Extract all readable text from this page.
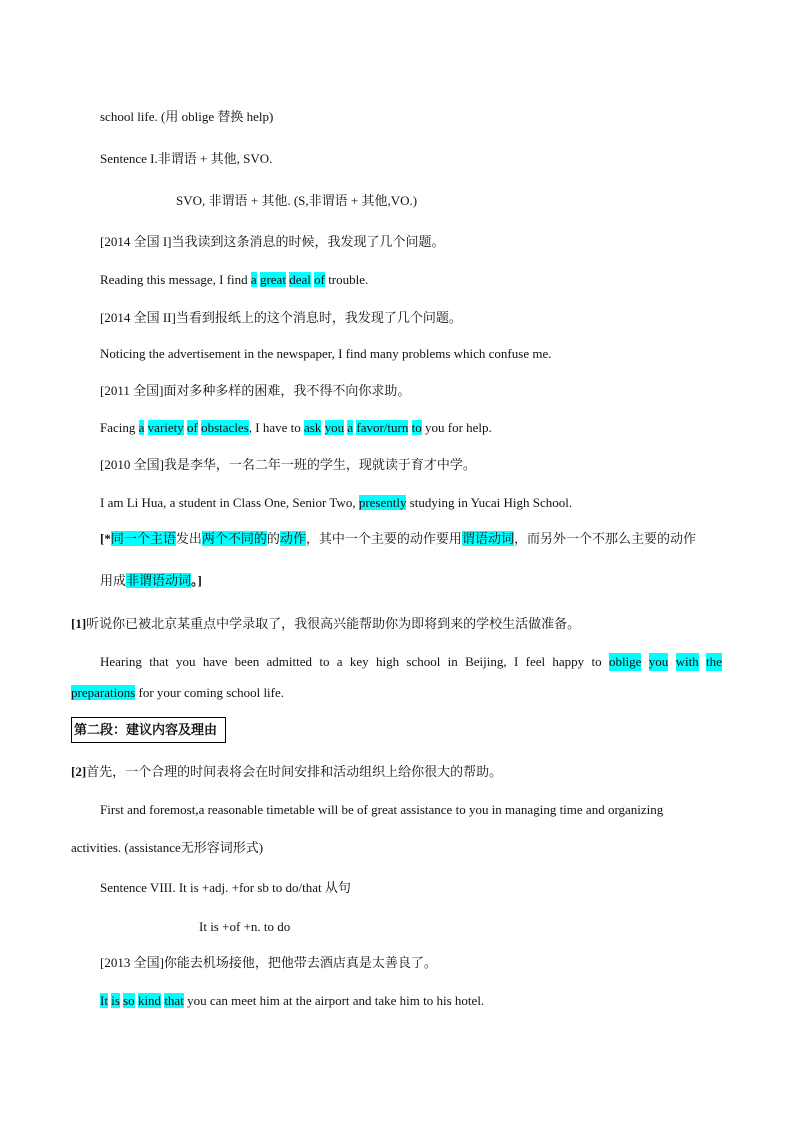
school life. (用 oblige 替换 help)
Sentence I.非谓语 + 其他, SVO.
SVO, 非谓语 + 其他. (S,非谓语 + 其他,VO.)
[2014 全国 I]当我读到这条消息的时候，我发现了几个问题。
Reading this message, I find a great deal of trouble.
[2014 全国 II]当看到报纸上的这个消息时，我发现了几个问题。
Noticing the advertisement in the newspaper, I find many problems which confuse me.
[2011 全国]面对多种多样的困难，我不得不向你求助。
Facing a variety of obstacles, I have to ask you a favor/turn to you for help.
[2010 全国]我是李华，一名二年一班的学生，现就读于育才中学。
I am Li Hua, a student in Class One, Senior Two, presently studying in Yucai High School.
[*同一个主语发出两个不同的的动作，其中一个主要的动作要用谓语动词，而另外一个不那么主要的动作
用成非谓语动词。]
[1]听说你已被北京某重点中学录取了，我很高兴能帮助你为即将到来的学校生活做准备。
Hearing that you have been admitted to a key high school in Beijing, I feel happy to oblige you with the
preparations for your coming school life.
第二段：建议内容及理由
[2]首先，一个合理的时间表将会在时间安排和活动组织上给你很大的帮助。
First and foremost,a reasonable timetable will be of great assistance to you in managing time and organizing
activities. (assistance无形容词形式)
Sentence VIII. It is +adj. +for sb to do/that 从句
It is +of +n. to do
[2013 全国]你能去机场接他，把他带去酒店真是太善良了。
It is so kind that you can meet him at the airport and take him to his hotel.
